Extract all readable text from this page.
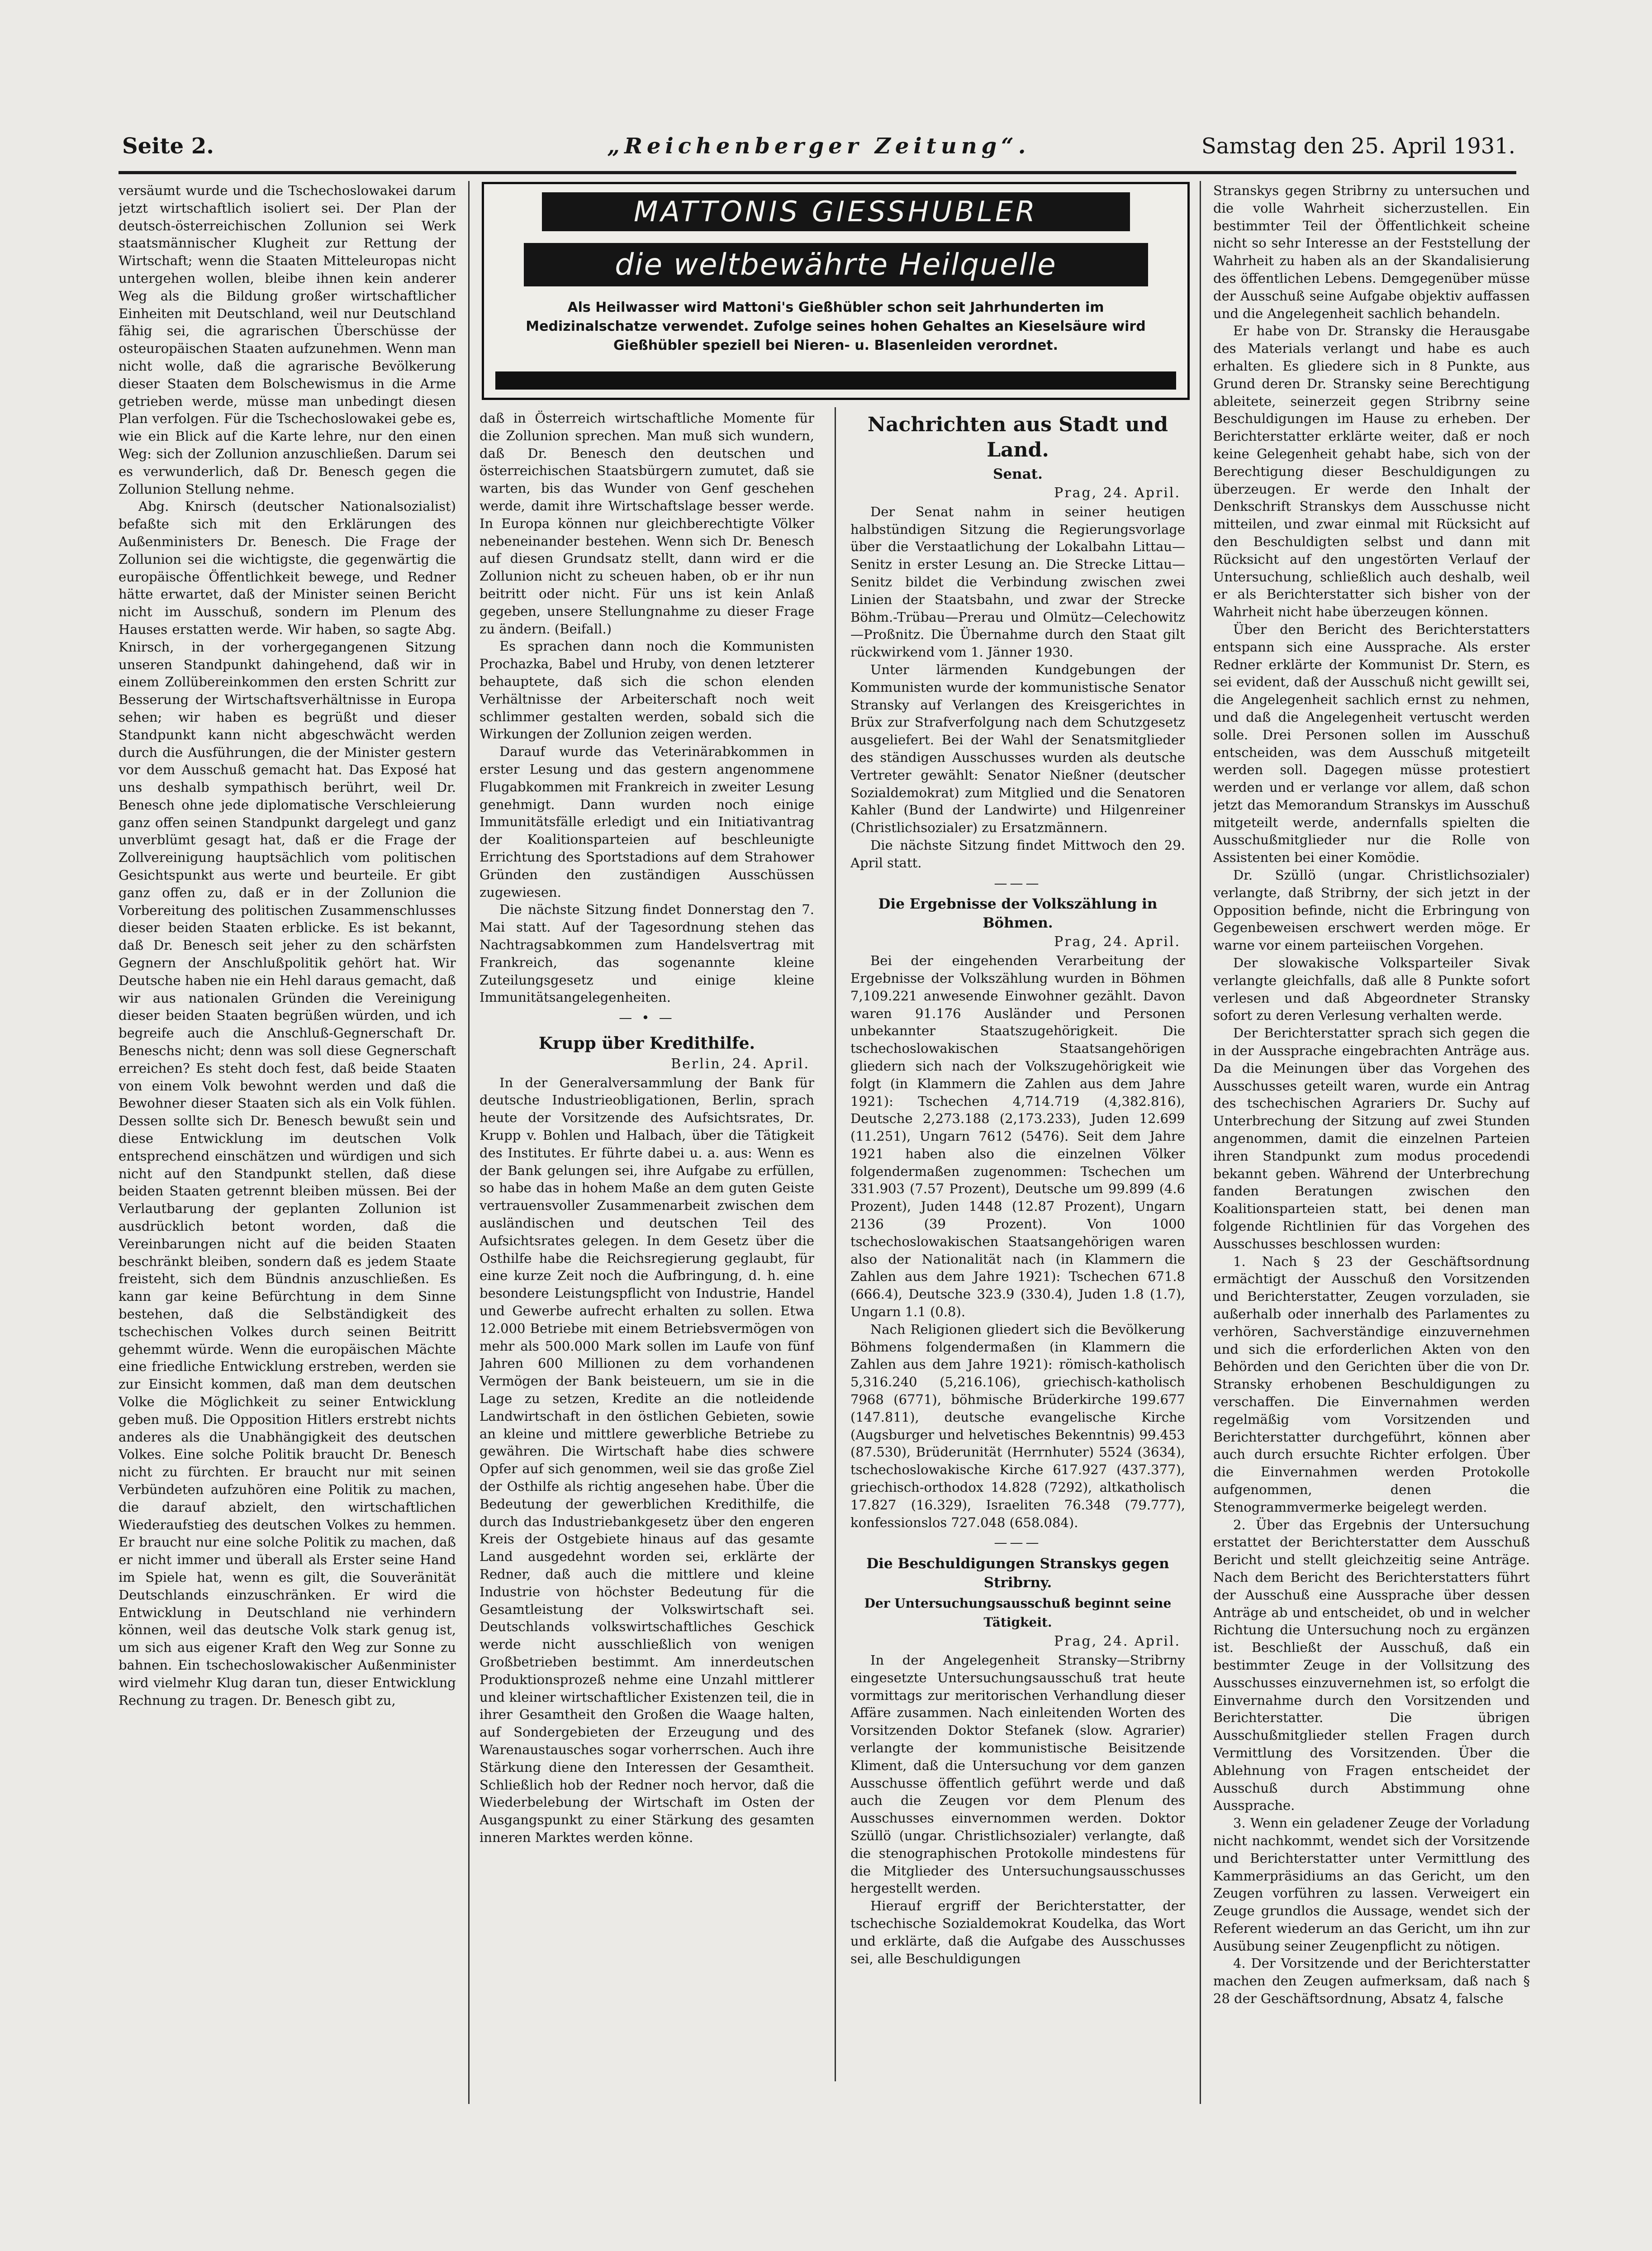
Seite 2.	„Reichenberger Zeitung“.	Samstag den 25. April 1931.

versäumt wurde und die Tschechoslowakei darum jetzt wirtschaftlich isoliert sei. Der Plan der deutsch-österreichischen Zollunion sei Werk staatsmännischer Klugheit zur Rettung der Wirtschaft; wenn die Staaten Mitteleuropas nicht untergehen wollen, bleibe ihnen kein anderer Weg als die Bildung großer wirtschaftlicher Einheiten mit Deutschland, weil nur Deutschland fähig sei, die agrarischen Überschüsse der osteuropäischen Staaten aufzunehmen. Wenn man nicht wolle, daß die agrarische Bevölkerung dieser Staaten dem Bolschewismus in die Arme getrieben werde, müsse man unbedingt diesen Plan verfolgen. Für die Tschechoslowakei gebe es, wie ein Blick auf die Karte lehre, nur den einen Weg: sich der Zollunion anzuschließen. Darum sei es verwunderlich, daß Dr. Benesch gegen die Zollunion Stellung nehme.

Abg. Knirsch (deutscher Nationalsozialist) befaßte sich mit den Erklärungen des Außenministers Dr. Benesch. Die Frage der Zollunion sei die wichtigste, die gegenwärtig die europäische Öffentlichkeit bewege, und Redner hätte erwartet, daß der Minister seinen Bericht nicht im Ausschuß, sondern im Plenum des Hauses erstatten werde. Wir haben, so sagte Abg. Knirsch, in der vorhergegangenen Sitzung unseren Standpunkt dahingehend, daß wir in einem Zollübereinkommen den ersten Schritt zur Besserung der Wirtschaftsverhältnisse in Europa sehen; wir haben es begrüßt und dieser Standpunkt kann nicht abgeschwächt werden durch die Ausführungen, die der Minister gestern vor dem Ausschuß gemacht hat. Das Exposé hat uns deshalb sympathisch berührt, weil Dr. Benesch ohne jede diplomatische Verschleierung ganz offen seinen Standpunkt dargelegt und ganz unverblümt gesagt hat, daß er die Frage der Zollvereinigung hauptsächlich vom politischen Gesichtspunkt aus werte und beurteile. Er gibt ganz offen zu, daß er in der Zollunion die Vorbereitung des politischen Zusammenschlusses dieser beiden Staaten erblicke. Es ist bekannt, daß Dr. Benesch seit jeher zu den schärfsten Gegnern der Anschlußpolitik gehört hat. Wir Deutsche haben nie ein Hehl daraus gemacht, daß wir aus nationalen Gründen die Vereinigung dieser beiden Staaten begrüßen würden, und ich begreife auch die Anschluß-Gegnerschaft Dr. Beneschs nicht; denn was soll diese Gegnerschaft erreichen? Es steht doch fest, daß beide Staaten von einem Volk bewohnt werden und daß die Bewohner dieser Staaten sich als ein Volk fühlen. Dessen sollte sich Dr. Benesch bewußt sein und diese Entwicklung im deutschen Volk entsprechend einschätzen und würdigen und sich nicht auf den Standpunkt stellen, daß diese beiden Staaten getrennt bleiben müssen. Bei der Verlautbarung der geplanten Zollunion ist ausdrücklich betont worden, daß die Vereinbarungen nicht auf die beiden Staaten beschränkt bleiben, sondern daß es jedem Staate freisteht, sich dem Bündnis anzuschließen. Es kann gar keine Befürchtung in dem Sinne bestehen, daß die Selbständigkeit des tschechischen Volkes durch seinen Beitritt gehemmt würde. Wenn die europäischen Mächte eine friedliche Entwicklung erstreben, werden sie zur Einsicht kommen, daß man dem deutschen Volke die Möglichkeit zu seiner Entwicklung geben muß. Die Opposition Hitlers erstrebt nichts anderes als die Unabhängigkeit des deutschen Volkes. Eine solche Politik braucht Dr. Benesch nicht zu fürchten. Er braucht nur mit seinen Verbündeten aufzuhören eine Politik zu machen, die darauf abzielt, den wirtschaftlichen Wiederaufstieg des deutschen Volkes zu hemmen. Er braucht nur eine solche Politik zu machen, daß er nicht immer und überall als Erster seine Hand im Spiele hat, wenn es gilt, die Souveränität Deutschlands einzuschränken. Er wird die Entwicklung in Deutschland nie verhindern können, weil das deutsche Volk stark genug ist, um sich aus eigener Kraft den Weg zur Sonne zu bahnen. Ein tschechoslowakischer Außenminister wird vielmehr Klug daran tun, dieser Entwicklung Rechnung zu tragen. Dr. Benesch gibt zu,

MATTONIS GIESSHUBLER
die weltbewährte Heilquelle
Als Heilwasser wird Mattoni's Gießhübler schon seit Jahrhunderten im Medizinalschatze verwendet. Zufolge seines hohen Gehaltes an Kieselsäure wird Gießhübler speziell bei Nieren- u. Blasenleiden verordnet.

daß in Österreich wirtschaftliche Momente für die Zollunion sprechen. Man muß sich wundern, daß Dr. Benesch den deutschen und österreichischen Staatsbürgern zumutet, daß sie warten, bis das Wunder von Genf geschehen werde, damit ihre Wirtschaftslage besser werde. In Europa können nur gleichberechtigte Völker nebeneinander bestehen. Wenn sich Dr. Benesch auf diesen Grundsatz stellt, dann wird er die Zollunion nicht zu scheuen haben, ob er ihr nun beitritt oder nicht. Für uns ist kein Anlaß gegeben, unsere Stellungnahme zu dieser Frage zu ändern. (Beifall.)

Es sprachen dann noch die Kommunisten Prochazka, Babel und Hruby, von denen letzterer behauptete, daß sich die schon elenden Verhältnisse der Arbeiterschaft noch weit schlimmer gestalten werden, sobald sich die Wirkungen der Zollunion zeigen werden.

Darauf wurde das Veterinärabkommen in erster Lesung und das gestern angenommene Flugabkommen mit Frankreich in zweiter Lesung genehmigt. Dann wurden noch einige Immunitätsfälle erledigt und ein Initiativantrag der Koalitionsparteien auf beschleunigte Errichtung des Sportstadions auf dem Strahower Gründen den zuständigen Ausschüssen zugewiesen.

Die nächste Sitzung findet Donnerstag den 7. Mai statt. Auf der Tagesordnung stehen das Nachtragsabkommen zum Handelsvertrag mit Frankreich, das sogenannte kleine Zuteilungsgesetz und einige kleine Immunitätsangelegenheiten.

— • —
Krupp über Kredithilfe.
Berlin, 24. April.

In der Generalversammlung der Bank für deutsche Industrieobligationen, Berlin, sprach heute der Vorsitzende des Aufsichtsrates, Dr. Krupp v. Bohlen und Halbach, über die Tätigkeit des Institutes. Er führte dabei u. a. aus: Wenn es der Bank gelungen sei, ihre Aufgabe zu erfüllen, so habe das in hohem Maße an dem guten Geiste vertrauensvoller Zusammenarbeit zwischen dem ausländischen und deutschen Teil des Aufsichtsrates gelegen. In dem Gesetz über die Osthilfe habe die Reichsregierung geglaubt, für eine kurze Zeit noch die Aufbringung, d. h. eine besondere Leistungspflicht von Industrie, Handel und Gewerbe aufrecht erhalten zu sollen. Etwa 12.000 Betriebe mit einem Betriebsvermögen von mehr als 500.000 Mark sollen im Laufe von fünf Jahren 600 Millionen zu dem vorhandenen Vermögen der Bank beisteuern, um sie in die Lage zu setzen, Kredite an die notleidende Landwirtschaft in den östlichen Gebieten, sowie an kleine und mittlere gewerbliche Betriebe zu gewähren. Die Wirtschaft habe dies schwere Opfer auf sich genommen, weil sie das große Ziel der Osthilfe als richtig angesehen habe. Über die Bedeutung der gewerblichen Kredithilfe, die durch das Industriebankgesetz über den engeren Kreis der Ostgebiete hinaus auf das gesamte Land ausgedehnt worden sei, erklärte der Redner, daß auch die mittlere und kleine Industrie von höchster Bedeutung für die Gesamtleistung der Volkswirtschaft sei. Deutschlands volkswirtschaftliches Geschick werde nicht ausschließlich von wenigen Großbetrieben bestimmt. Am innerdeutschen Produktionsprozeß nehme eine Unzahl mittlerer und kleiner wirtschaftlicher Existenzen teil, die in ihrer Gesamtheit den Großen die Waage halten, auf Sondergebieten der Erzeugung und des Warenaustausches sogar vorherrschen. Auch ihre Stärkung diene den Interessen der Gesamtheit. Schließlich hob der Redner noch hervor, daß die Wiederbelebung der Wirtschaft im Osten der Ausgangspunkt zu einer Stärkung des gesamten inneren Marktes werden könne.

Nachrichten aus Stadt und Land.
Senat.
Prag, 24. April.

Der Senat nahm in seiner heutigen halbstündigen Sitzung die Regierungsvorlage über die Verstaatlichung der Lokalbahn Littau—Senitz in erster Lesung an. Die Strecke Littau—Senitz bildet die Verbindung zwischen zwei Linien der Staatsbahn, und zwar der Strecke Böhm.-Trübau—Prerau und Olmütz—Celechowitz—Proßnitz. Die Übernahme durch den Staat gilt rückwirkend vom 1. Jänner 1930.

Unter lärmenden Kundgebungen der Kommunisten wurde der kommunistische Senator Stransky auf Verlangen des Kreisgerichtes in Brüx zur Strafverfolgung nach dem Schutzgesetz ausgeliefert. Bei der Wahl der Senatsmitglieder des ständigen Ausschusses wurden als deutsche Vertreter gewählt: Senator Nießner (deutscher Sozialdemokrat) zum Mitglied und die Senatoren Kahler (Bund der Landwirte) und Hilgenreiner (Christlichsozialer) zu Ersatzmännern.

Die nächste Sitzung findet Mittwoch den 29. April statt.

———
Die Ergebnisse der Volkszählung in Böhmen.
Prag, 24. April.

Bei der eingehenden Verarbeitung der Ergebnisse der Volkszählung wurden in Böhmen 7,109.221 anwesende Einwohner gezählt. Davon waren 91.176 Ausländer und Personen unbekannter Staatszugehörigkeit. Die tschechoslowakischen Staatsangehörigen gliedern sich nach der Volkszugehörigkeit wie folgt (in Klammern die Zahlen aus dem Jahre 1921): Tschechen 4,714.719 (4,382.816), Deutsche 2,273.188 (2,173.233), Juden 12.699 (11.251), Ungarn 7612 (5476). Seit dem Jahre 1921 haben also die einzelnen Völker folgendermaßen zugenommen: Tschechen um 331.903 (7.57 Prozent), Deutsche um 99.899 (4.6 Prozent), Juden 1448 (12.87 Prozent), Ungarn 2136 (39 Prozent). Von 1000 tschechoslowakischen Staatsangehörigen waren also der Nationalität nach (in Klammern die Zahlen aus dem Jahre 1921): Tschechen 671.8 (666.4), Deutsche 323.9 (330.4), Juden 1.8 (1.7), Ungarn 1.1 (0.8).

Nach Religionen gliedert sich die Bevölkerung Böhmens folgendermaßen (in Klammern die Zahlen aus dem Jahre 1921): römisch-katholisch 5,316.240 (5,216.106), griechisch-katholisch 7968 (6771), böhmische Brüderkirche 199.677 (147.811), deutsche evangelische Kirche (Augsburger und helvetisches Bekenntnis) 99.453 (87.530), Brüderunität (Herrnhuter) 5524 (3634), tschechoslowakische Kirche 617.927 (437.377), griechisch-orthodox 14.828 (7292), altkatholisch 17.827 (16.329), Israeliten 76.348 (79.777), konfessionslos 727.048 (658.084).

———
Die Beschuldigungen Stranskys gegen Stribrny.
Der Untersuchungsausschuß beginnt seine Tätigkeit.
Prag, 24. April.

In der Angelegenheit Stransky—Stribrny eingesetzte Untersuchungsausschuß trat heute vormittags zur meritorischen Verhandlung dieser Affäre zusammen. Nach einleitenden Worten des Vorsitzenden Doktor Stefanek (slow. Agrarier) verlangte der kommunistische Beisitzende Kliment, daß die Untersuchung vor dem ganzen Ausschusse öffentlich geführt werde und daß auch die Zeugen vor dem Plenum des Ausschusses einvernommen werden. Doktor Szüllö (ungar. Christlichsozialer) verlangte, daß die stenographischen Protokolle mindestens für die Mitglieder des Untersuchungsausschusses hergestellt werden.

Hierauf ergriff der Berichterstatter, der tschechische Sozialdemokrat Koudelka, das Wort und erklärte, daß die Aufgabe des Ausschusses sei, alle Beschuldigungen

Stranskys gegen Stribrny zu untersuchen und die volle Wahrheit sicherzustellen. Ein bestimmter Teil der Öffentlichkeit scheine nicht so sehr Interesse an der Feststellung der Wahrheit zu haben als an der Skandalisierung des öffentlichen Lebens. Demgegenüber müsse der Ausschuß seine Aufgabe objektiv auffassen und die Angelegenheit sachlich behandeln.

Er habe von Dr. Stransky die Herausgabe des Materials verlangt und habe es auch erhalten. Es gliedere sich in 8 Punkte, aus Grund deren Dr. Stransky seine Berechtigung ableitete, seinerzeit gegen Stribrny seine Beschuldigungen im Hause zu erheben. Der Berichterstatter erklärte weiter, daß er noch keine Gelegenheit gehabt habe, sich von der Berechtigung dieser Beschuldigungen zu überzeugen. Er werde den Inhalt der Denkschrift Stranskys dem Ausschusse nicht mitteilen, und zwar einmal mit Rücksicht auf den Beschuldigten selbst und dann mit Rücksicht auf den ungestörten Verlauf der Untersuchung, schließlich auch deshalb, weil er als Berichterstatter sich bisher von der Wahrheit nicht habe überzeugen können.

Über den Bericht des Berichterstatters entspann sich eine Aussprache. Als erster Redner erklärte der Kommunist Dr. Stern, es sei evident, daß der Ausschuß nicht gewillt sei, die Angelegenheit sachlich ernst zu nehmen, und daß die Angelegenheit vertuscht werden solle. Drei Personen sollen im Ausschuß entscheiden, was dem Ausschuß mitgeteilt werden soll. Dagegen müsse protestiert werden und er verlange vor allem, daß schon jetzt das Memorandum Stranskys im Ausschuß mitgeteilt werde, andernfalls spielten die Ausschußmitglieder nur die Rolle von Assistenten bei einer Komödie.

Dr. Szüllö (ungar. Christlichsozialer) verlangte, daß Stribrny, der sich jetzt in der Opposition befinde, nicht die Erbringung von Gegenbeweisen erschwert werden möge. Er warne vor einem parteiischen Vorgehen.

Der slowakische Volksparteiler Sivak verlangte gleichfalls, daß alle 8 Punkte sofort verlesen und daß Abgeordneter Stransky sofort zu deren Verlesung verhalten werde.

Der Berichterstatter sprach sich gegen die in der Aussprache eingebrachten Anträge aus. Da die Meinungen über das Vorgehen des Ausschusses geteilt waren, wurde ein Antrag des tschechischen Agrariers Dr. Suchy auf Unterbrechung der Sitzung auf zwei Stunden angenommen, damit die einzelnen Parteien ihren Standpunkt zum modus procedendi bekannt geben. Während der Unterbrechung fanden Beratungen zwischen den Koalitionsparteien statt, bei denen man folgende Richtlinien für das Vorgehen des Ausschusses beschlossen wurden:

1. Nach § 23 der Geschäftsordnung ermächtigt der Ausschuß den Vorsitzenden und Berichterstatter, Zeugen vorzuladen, sie außerhalb oder innerhalb des Parlamentes zu verhören, Sachverständige einzuvernehmen und sich die erforderlichen Akten von den Behörden und den Gerichten über die von Dr. Stransky erhobenen Beschuldigungen zu verschaffen. Die Einvernahmen werden regelmäßig vom Vorsitzenden und Berichterstatter durchgeführt, können aber auch durch ersuchte Richter erfolgen. Über die Einvernahmen werden Protokolle aufgenommen, denen die Stenogrammvermerke beigelegt werden.

2. Über das Ergebnis der Untersuchung erstattet der Berichterstatter dem Ausschuß Bericht und stellt gleichzeitig seine Anträge. Nach dem Bericht des Berichterstatters führt der Ausschuß eine Aussprache über dessen Anträge ab und entscheidet, ob und in welcher Richtung die Untersuchung noch zu ergänzen ist. Beschließt der Ausschuß, daß ein bestimmter Zeuge in der Vollsitzung des Ausschusses einzuvernehmen ist, so erfolgt die Einvernahme durch den Vorsitzenden und Berichterstatter. Die übrigen Ausschußmitglieder stellen Fragen durch Vermittlung des Vorsitzenden. Über die Ablehnung von Fragen entscheidet der Ausschuß durch Abstimmung ohne Aussprache.

3. Wenn ein geladener Zeuge der Vorladung nicht nachkommt, wendet sich der Vorsitzende und Berichterstatter unter Vermittlung des Kammerpräsidiums an das Gericht, um den Zeugen vorführen zu lassen. Verweigert ein Zeuge grundlos die Aussage, wendet sich der Referent wiederum an das Gericht, um ihn zur Ausübung seiner Zeugenpflicht zu nötigen.

4. Der Vorsitzende und der Berichterstatter machen den Zeugen aufmerksam, daß nach § 28 der Geschäftsordnung, Absatz 4, falsche
